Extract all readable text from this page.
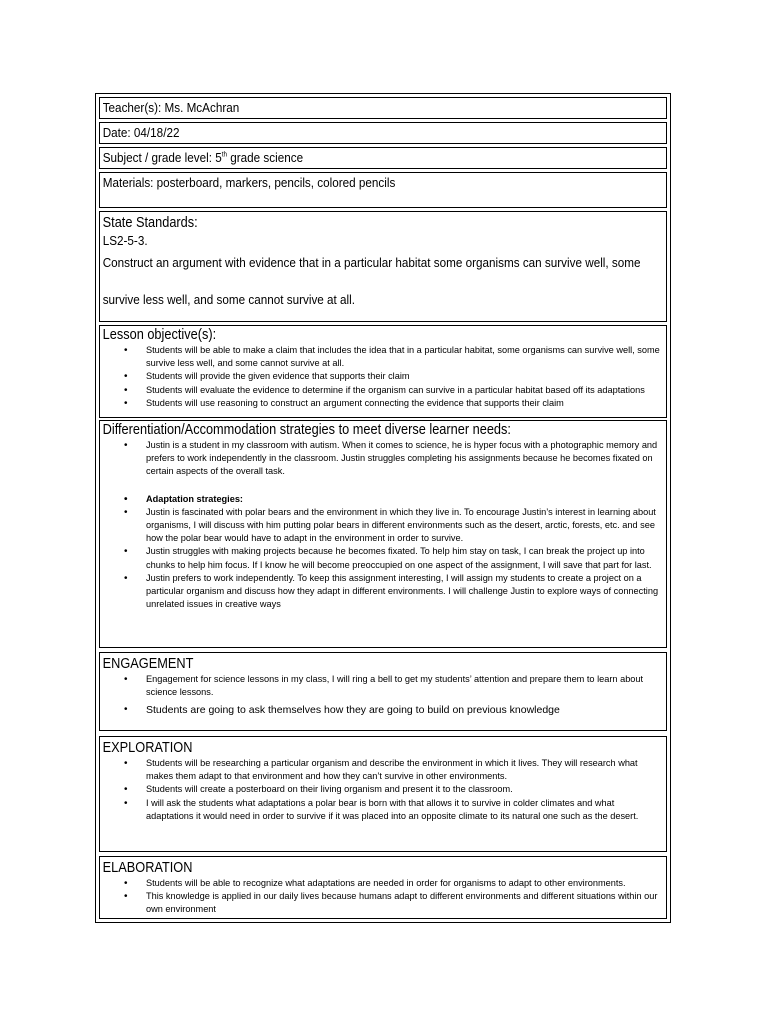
Teacher(s): Ms. McAchran
Date: 04/18/22
Subject / grade level: 5th grade science
Materials: posterboard, markers, pencils, colored pencils
State Standards:
LS2-5-3.
Construct an argument with evidence that in a particular habitat some organisms can survive well, some
survive less well, and some cannot survive at all.
Lesson objective(s):
• Students will be able to make a claim that includes the idea that in a particular habitat, some organisms can survive well, some survive less well, and some cannot survive at all.
• Students will provide the given evidence that supports their claim
• Students will evaluate the evidence to determine if the organism can survive in a particular habitat based off its adaptations
• Students will use reasoning to construct an argument connecting the evidence that supports their claim
Differentiation/Accommodation strategies to meet diverse learner needs:
• Justin is a student in my classroom with autism. When it comes to science, he is hyper focus with a photographic memory and prefers to work independently in the classroom. Justin struggles completing his assignments because he becomes fixated on certain aspects of the overall task.
• Adaptation strategies:
• Justin is fascinated with polar bears and the environment in which they live in. To encourage Justin’s interest in learning about organisms, I will discuss with him putting polar bears in different environments such as the desert, arctic, forests, etc. and see how the polar bear would have to adapt in the environment in order to survive.
• Justin struggles with making projects because he becomes fixated. To help him stay on task, I can break the project up into chunks to help him focus. If I know he will become preoccupied on one aspect of the assignment, I will save that part for last.
• Justin prefers to work independently. To keep this assignment interesting, I will assign my students to create a project on a particular organism and discuss how they adapt in different environments. I will challenge Justin to explore ways of connecting unrelated issues in creative ways
ENGAGEMENT
• Engagement for science lessons in my class, I will ring a bell to get my students’ attention and prepare them to learn about science lessons.
• Students are going to ask themselves how they are going to build on previous knowledge
EXPLORATION
• Students will be researching a particular organism and describe the environment in which it lives. They will research what makes them adapt to that environment and how they can’t survive in other environments.
• Students will create a posterboard on their living organism and present it to the classroom.
• I will ask the students what adaptations a polar bear is born with that allows it to survive in colder climates and what adaptations it would need in order to survive if it was placed into an opposite climate to its natural one such as the desert.
ELABORATION
• Students will be able to recognize what adaptations are needed in order for organisms to adapt to other environments.
• This knowledge is applied in our daily lives because humans adapt to different environments and different situations within our own environment
